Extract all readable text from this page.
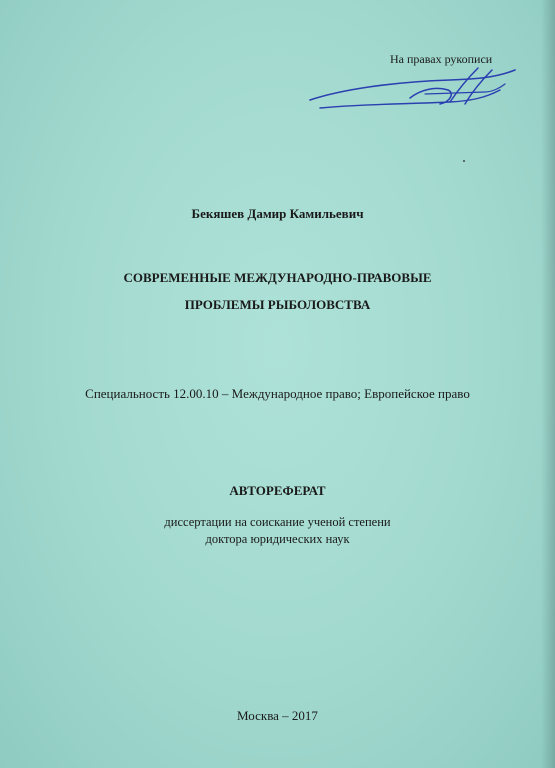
На правах рукописи
Бекяшев Дамир Камильевич
СОВРЕМЕННЫЕ МЕЖДУНАРОДНО-ПРАВОВЫЕ
ПРОБЛЕМЫ РЫБОЛОВСТВА
Специальность 12.00.10 – Международное право; Европейское право
АВТОРЕФЕРАТ
диссертации на соискание ученой степени
доктора юридических наук
Москва – 2017
